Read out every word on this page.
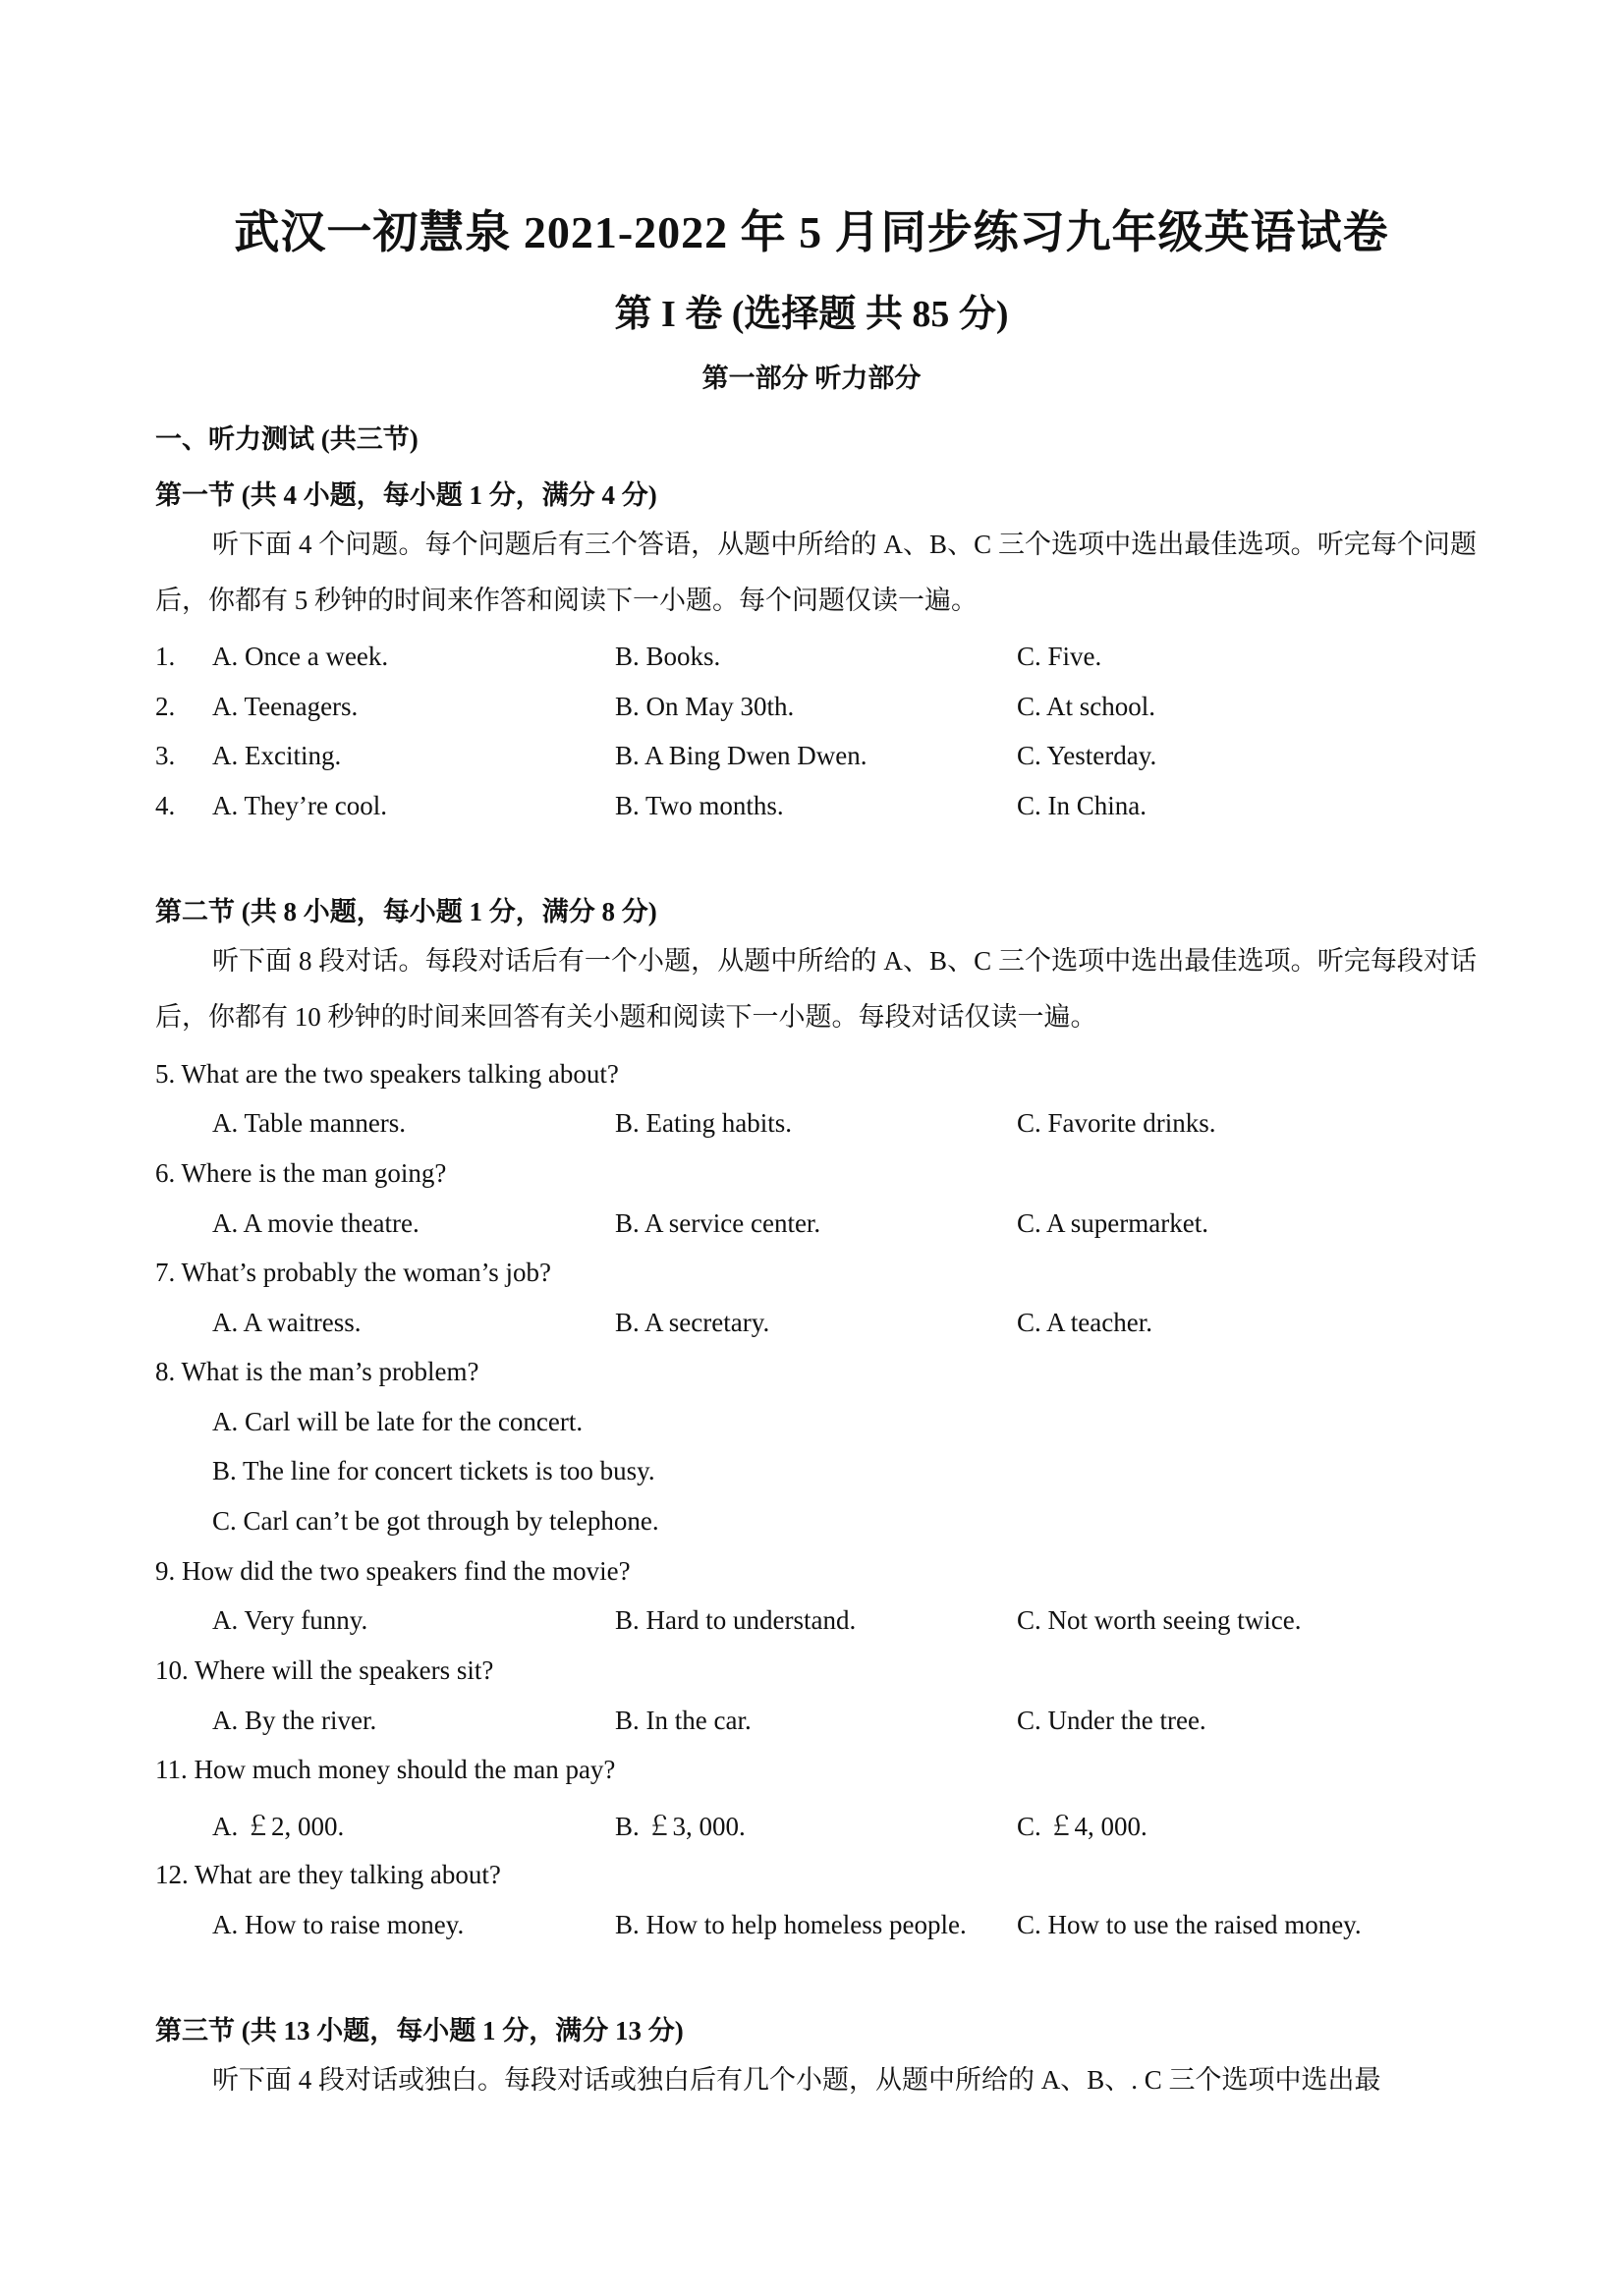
武汉一初慧泉 2021-2022 年 5 月同步练习九年级英语试卷
第 I 卷 (选择题 共 85 分)
第一部分 听力部分
一、听力测试 (共三节)
第一节 (共 4 小题，每小题 1 分，满分 4 分)
听下面 4 个问题。每个问题后有三个答语，从题中所给的 A、B、C 三个选项中选出最佳选项。听完每个问题后，你都有 5 秒钟的时间来作答和阅读下一小题。每个问题仅读一遍。
1. A. Once a week.	B. Books.	C. Five.
2. A. Teenagers.	B. On May 30th.	C. At school.
3. A. Exciting.	B. A Bing Dwen Dwen.	C. Yesterday.
4. A. They’re cool.	B. Two months.	C. In China.
第二节 (共 8 小题，每小题 1 分，满分 8 分)
听下面 8 段对话。每段对话后有一个小题，从题中所给的 A、B、C 三个选项中选出最佳选项。听完每段对话后，你都有 10 秒钟的时间来回答有关小题和阅读下一小题。每段对话仅读一遍。
5. What are the two speakers talking about?
A. Table manners.	B. Eating habits.	C. Favorite drinks.
6. Where is the man going?
A. A movie theatre.	B. A service center.	C. A supermarket.
7. What’s probably the woman’s job?
A. A waitress.	B. A secretary.	C. A teacher.
8. What is the man’s problem?
A. Carl will be late for the concert.
B. The line for concert tickets is too busy.
C. Carl can’t be got through by telephone.
9. How did the two speakers find the movie?
A. Very funny.	B. Hard to understand.	C. Not worth seeing twice.
10. Where will the speakers sit?
A. By the river.	B. In the car.	C. Under the tree.
11. How much money should the man pay?
A. ￡2, 000.	B. ￡3, 000.	C. ￡4, 000.
12. What are they talking about?
A. How to raise money.	B. How to help homeless people. C. How to use the raised money.
第三节 (共 13 小题，每小题 1 分，满分 13 分)
听下面 4 段对话或独白。每段对话或独白后有几个小题，从题中所给的 A、B、. C 三个选项中选出最
